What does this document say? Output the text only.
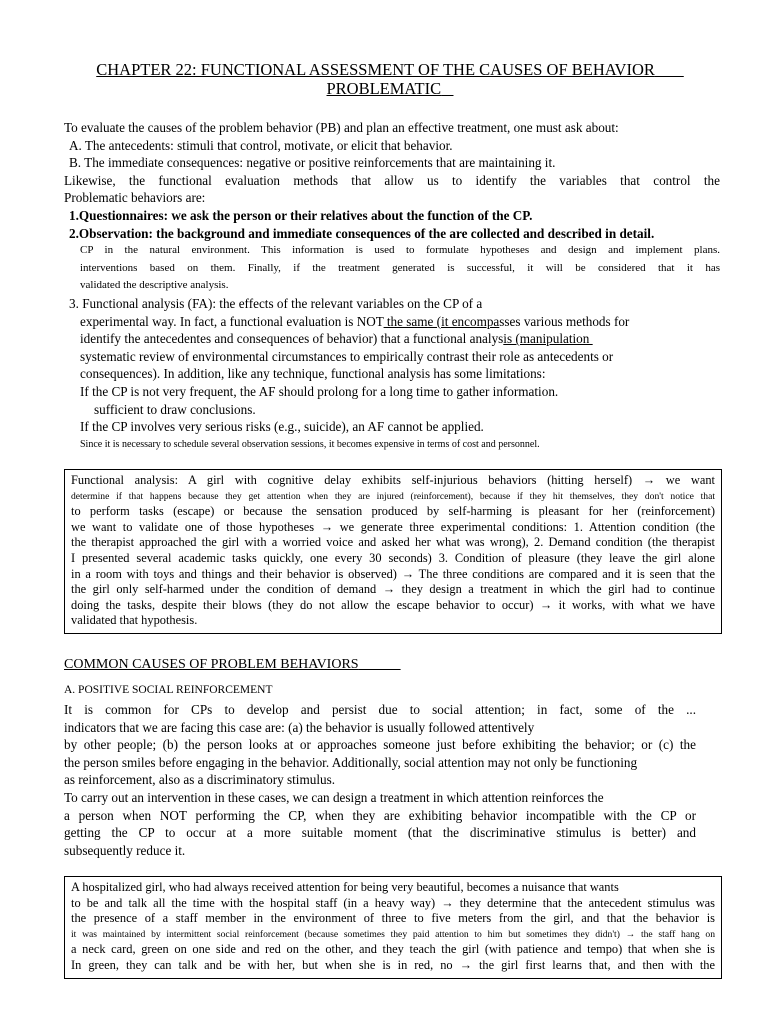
CHAPTER 22: FUNCTIONAL ASSESSMENT OF THE CAUSES OF BEHAVIOR
PROBLEMATIC
To evaluate the causes of the problem behavior (PB) and plan an effective treatment, one must ask about:
A. The antecedents: stimuli that control, motivate, or elicit that behavior.
B. The immediate consequences: negative or positive reinforcements that are maintaining it.
Likewise, the functional evaluation methods that allow us to identify the variables that control the
Problematic behaviors are:
1.Questionnaires: we ask the person or their relatives about the function of the CP.
2.Observation: the background and immediate consequences of the are collected and described in detail.
CP in the natural environment. This information is used to formulate hypotheses and design and implement plans.
interventions based on them. Finally, if the treatment generated is successful, it will be considered that it has
validated the descriptive analysis.
3. Functional analysis (FA): the effects of the relevant variables on the CP of a
experimental way. In fact, a functional evaluation is NOT the same (it encompasses various methods for
identify the antecedentes and consequences of behavior) that a functional analysis (manipulation
systematic review of environmental circumstances to empirically contrast their role as antecedents or
consequences). In addition, like any technique, functional analysis has some limitations:
If the CP is not very frequent, the AF should prolong for a long time to gather information.
sufficient to draw conclusions.
If the CP involves very serious risks (e.g., suicide), an AF cannot be applied.
Since it is necessary to schedule several observation sessions, it becomes expensive in terms of cost and personnel.
Functional analysis: A girl with cognitive delay exhibits self-injurious behaviors (hitting herself) → we want
determine if that happens because they get attention when they are injured (reinforcement), because if they hit themselves, they don't notice that
to perform tasks (escape) or because the sensation produced by self-harming is pleasant for her (reinforcement)
we want to validate one of those hypotheses → we generate three experimental conditions: 1. Attention condition (the
the therapist approached the girl with a worried voice and asked her what was wrong), 2. Demand condition (the therapist
I presented several academic tasks quickly, one every 30 seconds) 3. Condition of pleasure (they leave the girl alone
in a room with toys and things and their behavior is observed) → The three conditions are compared and it is seen that the
the girl only self-harmed under the condition of demand → they design a treatment in which the girl had to continue
doing the tasks, despite their blows (they do not allow the escape behavior to occur) → it works, with what we have
validated that hypothesis.
COMMON CAUSES OF PROBLEM BEHAVIORS
A. POSITIVE SOCIAL REINFORCEMENT
It is common for CPs to develop and persist due to social attention; in fact, some of the ...
indicators that we are facing this case are: (a) the behavior is usually followed attentively
by other people; (b) the person looks at or approaches someone just before exhibiting the behavior; or (c) the
the person smiles before engaging in the behavior. Additionally, social attention may not only be functioning
as reinforcement, also as a discriminatory stimulus.
To carry out an intervention in these cases, we can design a treatment in which attention reinforces the
a person when NOT performing the CP, when they are exhibiting behavior incompatible with the CP or
getting the CP to occur at a more suitable moment (that the discriminative stimulus is better) and
subsequently reduce it.
A hospitalized girl, who had always received attention for being very beautiful, becomes a nuisance that wants
to be and talk all the time with the hospital staff (in a heavy way) → they determine that the antecedent stimulus was
the presence of a staff member in the environment of three to five meters from the girl, and that the behavior is
it was maintained by intermittent social reinforcement (because sometimes they paid attention to him but sometimes they didn't) → the staff hang on
a neck card, green on one side and red on the other, and they teach the girl (with patience and tempo) that when she is
In green, they can talk and be with her, but when she is in red, no → the girl first learns that, and then with the
